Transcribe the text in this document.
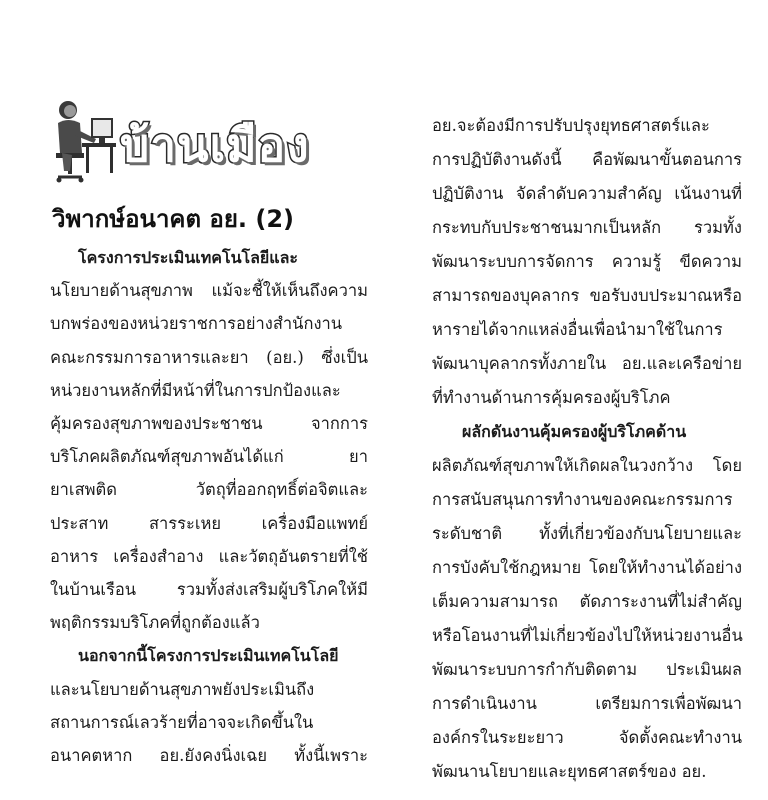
บ้านเมือง
วิพากษ์อนาคต อย. (2)
โครงการประเมินเทคโนโลยีและ
นโยบายด้านสุขภาพ แม้จะชี้ให้เห็นถึงความ
บกพร่องของหน่วยราชการอย่างสำนักงาน
คณะกรรมการอาหารและยา (อย.) ซึ่งเป็น
หน่วยงานหลักที่มีหน้าที่ในการปกป้องและ
คุ้มครองสุขภาพของประชาชน จากการ
บริโภคผลิตภัณฑ์สุขภาพอันได้แก่ ยา
ยาเสพติด วัตถุที่ออกฤทธิ์ต่อจิตและ
ประสาท สารระเหย เครื่องมือแพทย์
อาหาร เครื่องสำอาง และวัตถุอันตรายที่ใช้
ในบ้านเรือน รวมทั้งส่งเสริมผู้บริโภคให้มี
พฤติกรรมบริโภคที่ถูกต้องแล้ว
นอกจากนี้โครงการประเมินเทคโนโลยี
และนโยบายด้านสุขภาพยังประเมินถึง
สถานการณ์เลวร้ายที่อาจจะเกิดขึ้นใน
อนาคตหาก อย.ยังคงนิ่งเฉย ทั้งนี้เพราะ
อย.จะต้องมีการปรับปรุงยุทธศาสตร์และ
การปฏิบัติงานดังนี้ คือพัฒนาขั้นตอนการ
ปฏิบัติงาน จัดลำดับความสำคัญ เน้นงานที่
กระทบกับประชาชนมากเป็นหลัก รวมทั้ง
พัฒนาระบบการจัดการ ความรู้ ขีดความ
สามารถของบุคลากร ขอรับงบประมาณหรือ
หารายได้จากแหล่งอื่นเพื่อนำมาใช้ในการ
พัฒนาบุคลากรทั้งภายใน อย.และเครือข่าย
ที่ทำงานด้านการคุ้มครองผู้บริโภค
ผลักดันงานคุ้มครองผู้บริโภคด้าน
ผลิตภัณฑ์สุขภาพให้เกิดผลในวงกว้าง โดย
การสนับสนุนการทำงานของคณะกรรมการ
ระดับชาติ ทั้งที่เกี่ยวข้องกับนโยบายและ
การบังคับใช้กฎหมาย โดยให้ทำงานได้อย่าง
เต็มความสามารถ ตัดภาระงานที่ไม่สำคัญ
หรือโอนงานที่ไม่เกี่ยวข้องไปให้หน่วยงานอื่น
พัฒนาระบบการกำกับติดตาม ประเมินผล
การดำเนินงาน เตรียมการเพื่อพัฒนา
องค์กรในระยะยาว จัดตั้งคณะทำงาน
พัฒนานโยบายและยุทธศาสตร์ของ อย.
